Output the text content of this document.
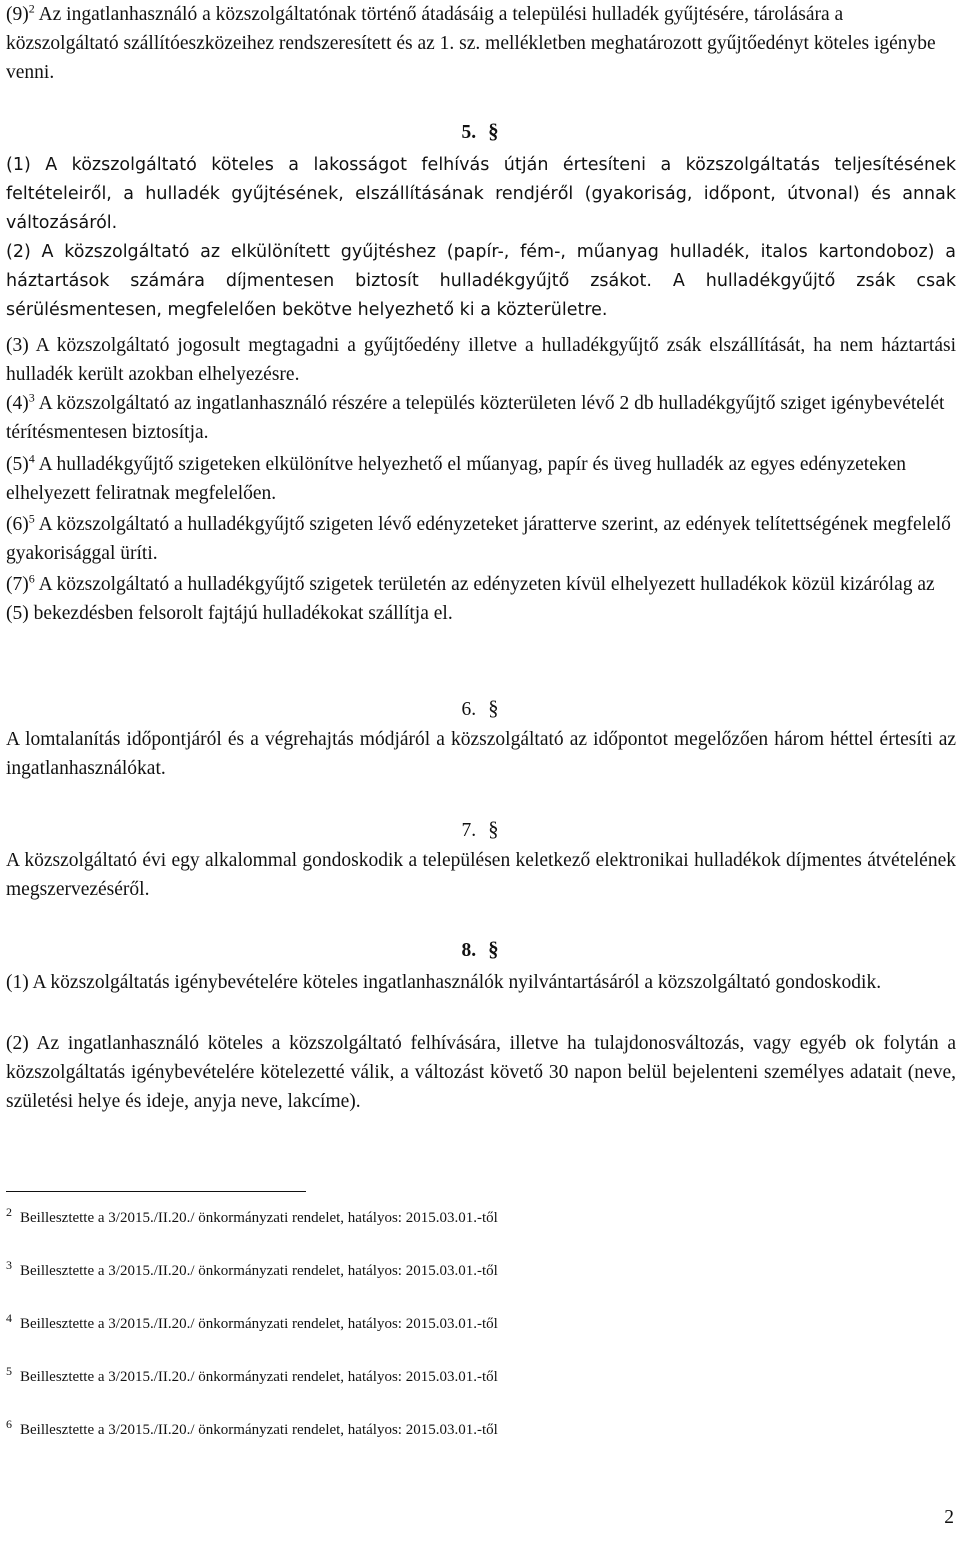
$(9)^2$ Az ingatlanhasználó a közszolgáltatónak történő átadásáig a települési hulladék gyűjtésére, tárolására a közszolgáltató szállítóeszközeihez rendszeresített és az 1. sz. mellékletben meghatározott gyűjtőedényt köteles igénybe venni.

5. §

(1) A közszolgáltató köteles a lakosságot felhívás útján értesíteni a közszolgáltatás teljesítésének feltételeiről, a hulladék gyűjtésének, elszállításának rendjéről (gyakoriság, időpont, útvonal) és annak változásáról.

(2) A közszolgáltató az elkülönített gyűjtéshez (papír-, fém-, műanyag hulladék, italos kartondoboz) a háztartások számára díjmentesen biztosít hulladékgyűjtő zsákot. A hulladékgyűjtő zsák csak sérülésmentesen, megfelelően bekötve helyezhető ki a közterületre.

(3) A közszolgáltató jogosult megtagadni a gyűjtőedény illetve a hulladékgyűjtő zsák elszállítását, ha nem háztartási hulladék került azokban elhelyezésre.

$(4)^3$ A közszolgáltató az ingatlanhasználó részére a település közterületen lévő 2 db hulladékgyűjtő sziget igénybevételét térítésmentesen biztosítja.

$(5)^4$ A hulladékgyűjtő szigeteken elkülönítve helyezhető el műanyag, papír és üveg hulladék az egyes edényzeteken elhelyezett feliratnak megfelelően.

$(6)^5$ A közszolgáltató a hulladékgyűjtő szigeten lévő edényzeteket járatterve szerint, az edények telítettségének megfelelő gyakorisággal üríti.

$(7)^6$ A közszolgáltató a hulladékgyűjtő szigetek területén az edényzeten kívül elhelyezett hulladékok közül kizárólag az (5) bekezdésben felsorolt fajtájú hulladékokat szállítja el.

6. §

A lomtalanítás időpontjáról és a végrehajtás módjáról a közszolgáltató az időpontot megelőzően három héttel értesíti az ingatlanhasználókat.

7. §

A közszolgáltató évi egy alkalommal gondoskodik a településen keletkező elektronikai hulladékok díjmentes átvételének megszervezéséről.

8. §

(1) A közszolgáltatás igénybevételére köteles ingatlanhasználók nyilvántartásáról a közszolgáltató gondoskodik.

(2) Az ingatlanhasználó köteles a közszolgáltató felhívására, illetve ha tulajdonosváltozás, vagy egyéb ok folytán a közszolgáltatás igénybevételére kötelezetté válik, a változást követő 30 napon belül bejelenteni személyes adatait (neve, születési helye és ideje, anyja neve, lakcíme).

$^2$ Beillesztette a 3/2015./II.20./ önkormányzati rendelet, hatályos: 2015.03.01.-től
$^3$ Beillesztette a 3/2015./II.20./ önkormányzati rendelet, hatályos: 2015.03.01.-től
$^4$ Beillesztette a 3/2015./II.20./ önkormányzati rendelet, hatályos: 2015.03.01.-től
$^5$ Beillesztette a 3/2015./II.20./ önkormányzati rendelet, hatályos: 2015.03.01.-től
$^6$ Beillesztette a 3/2015./II.20./ önkormányzati rendelet, hatályos: 2015.03.01.-től
2
